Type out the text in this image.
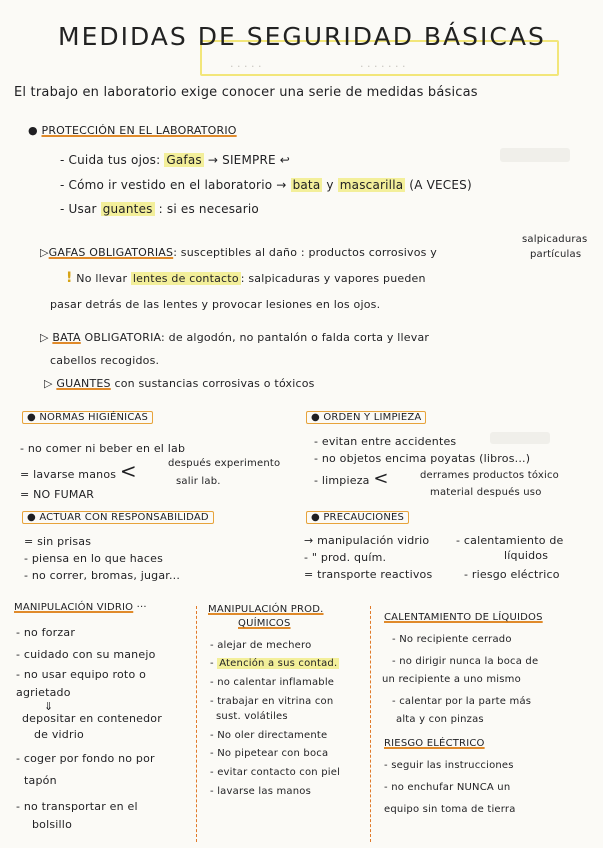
· · · · · · ·
· · · · ·
MEDIDAS DE SEGURIDAD BÁSICAS
El trabajo en laboratorio exige conocer una serie de medidas básicas
● PROTECCIÓN EN EL LABORATORIO
- Cuida tus ojos: Gafas → SIEMPRE ↩
- Cómo ir vestido en el laboratorio → bata y mascarilla (A VECES)
- Usar guantes : si es necesario
▷GAFAS OBLIGATORIAS: susceptibles al daño : productos corrosivos y
salpicaduras
partículas
! No llevar lentes de contacto : salpicaduras y vapores pueden
pasar detrás de las lentes y provocar lesiones en los ojos.
▷ BATA OBLIGATORIA: de algodón, no pantalón o falda corta y llevar
cabellos recogidos.
▷ GUANTES con sustancias corrosivas o tóxicos
● NORMAS HIGIÉNICAS
- no comer ni beber en el lab
= lavarse manos <	después experimento
salir lab.
= NO FUMAR
● ORDEN Y LIMPIEZA
- evitan entre accidentes
- no objetos encima poyatas (libros...)
- limpieza <	derrames productos tóxico
material después uso
● ACTUAR CON RESPONSABILIDAD
= sin prisas
- piensa en lo que haces
- no correr, bromas, jugar...
● PRECAUCIONES
→ manipulación vidrio
- " prod. quím.
= transporte reactivos
- calentamiento de
líquidos
- riesgo eléctrico
MANIPULACIÓN VIDRIO ···
- no forzar
- cuidado con su manejo
- no usar equipo roto o
agrietado
⇓
depositar en contenedor
de vidrio
- coger por fondo no por
tapón
- no transportar en el
bolsillo
MANIPULACIÓN PROD.
QUÍMICOS
- alejar de mechero
- Atención a sus contad.
- no calentar inflamable
- trabajar en vitrina con
sust. volátiles
- No oler directamente
- No pipetear con boca
- evitar contacto con piel
- lavarse las manos
CALENTAMIENTO DE LÍQUIDOS
- No recipiente cerrado
- no dirigir nunca la boca de
un recipiente a uno mismo
- calentar por la parte más
alta y con pinzas
RIESGO ELÉCTRICO
- seguir las instrucciones
- no enchufar NUNCA un
equipo sin toma de tierra
